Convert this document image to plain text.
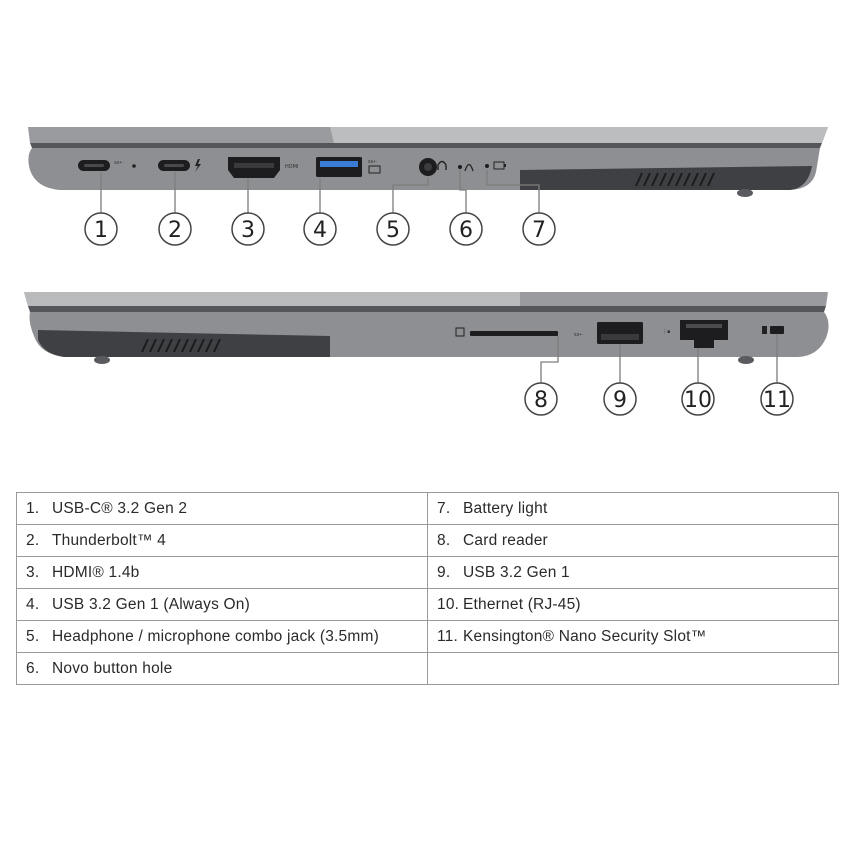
ss⇠
HDMI
ss⇠
1	2	3	4	5	6	7
ss⇠	⋮▪
8	9	10 11
1. USB-C® 3.2 Gen 2	7. Battery light
2. Thunderbolt™ 4	8. Card reader
3. HDMI® 1.4b	9. USB 3.2 Gen 1
4. USB 3.2 Gen 1 (Always On)	10. Ethernet (RJ-45)
5. Headphone / microphone combo jack (3.5mm)	11. Kensington® Nano Security Slot™
6. Novo button hole	
